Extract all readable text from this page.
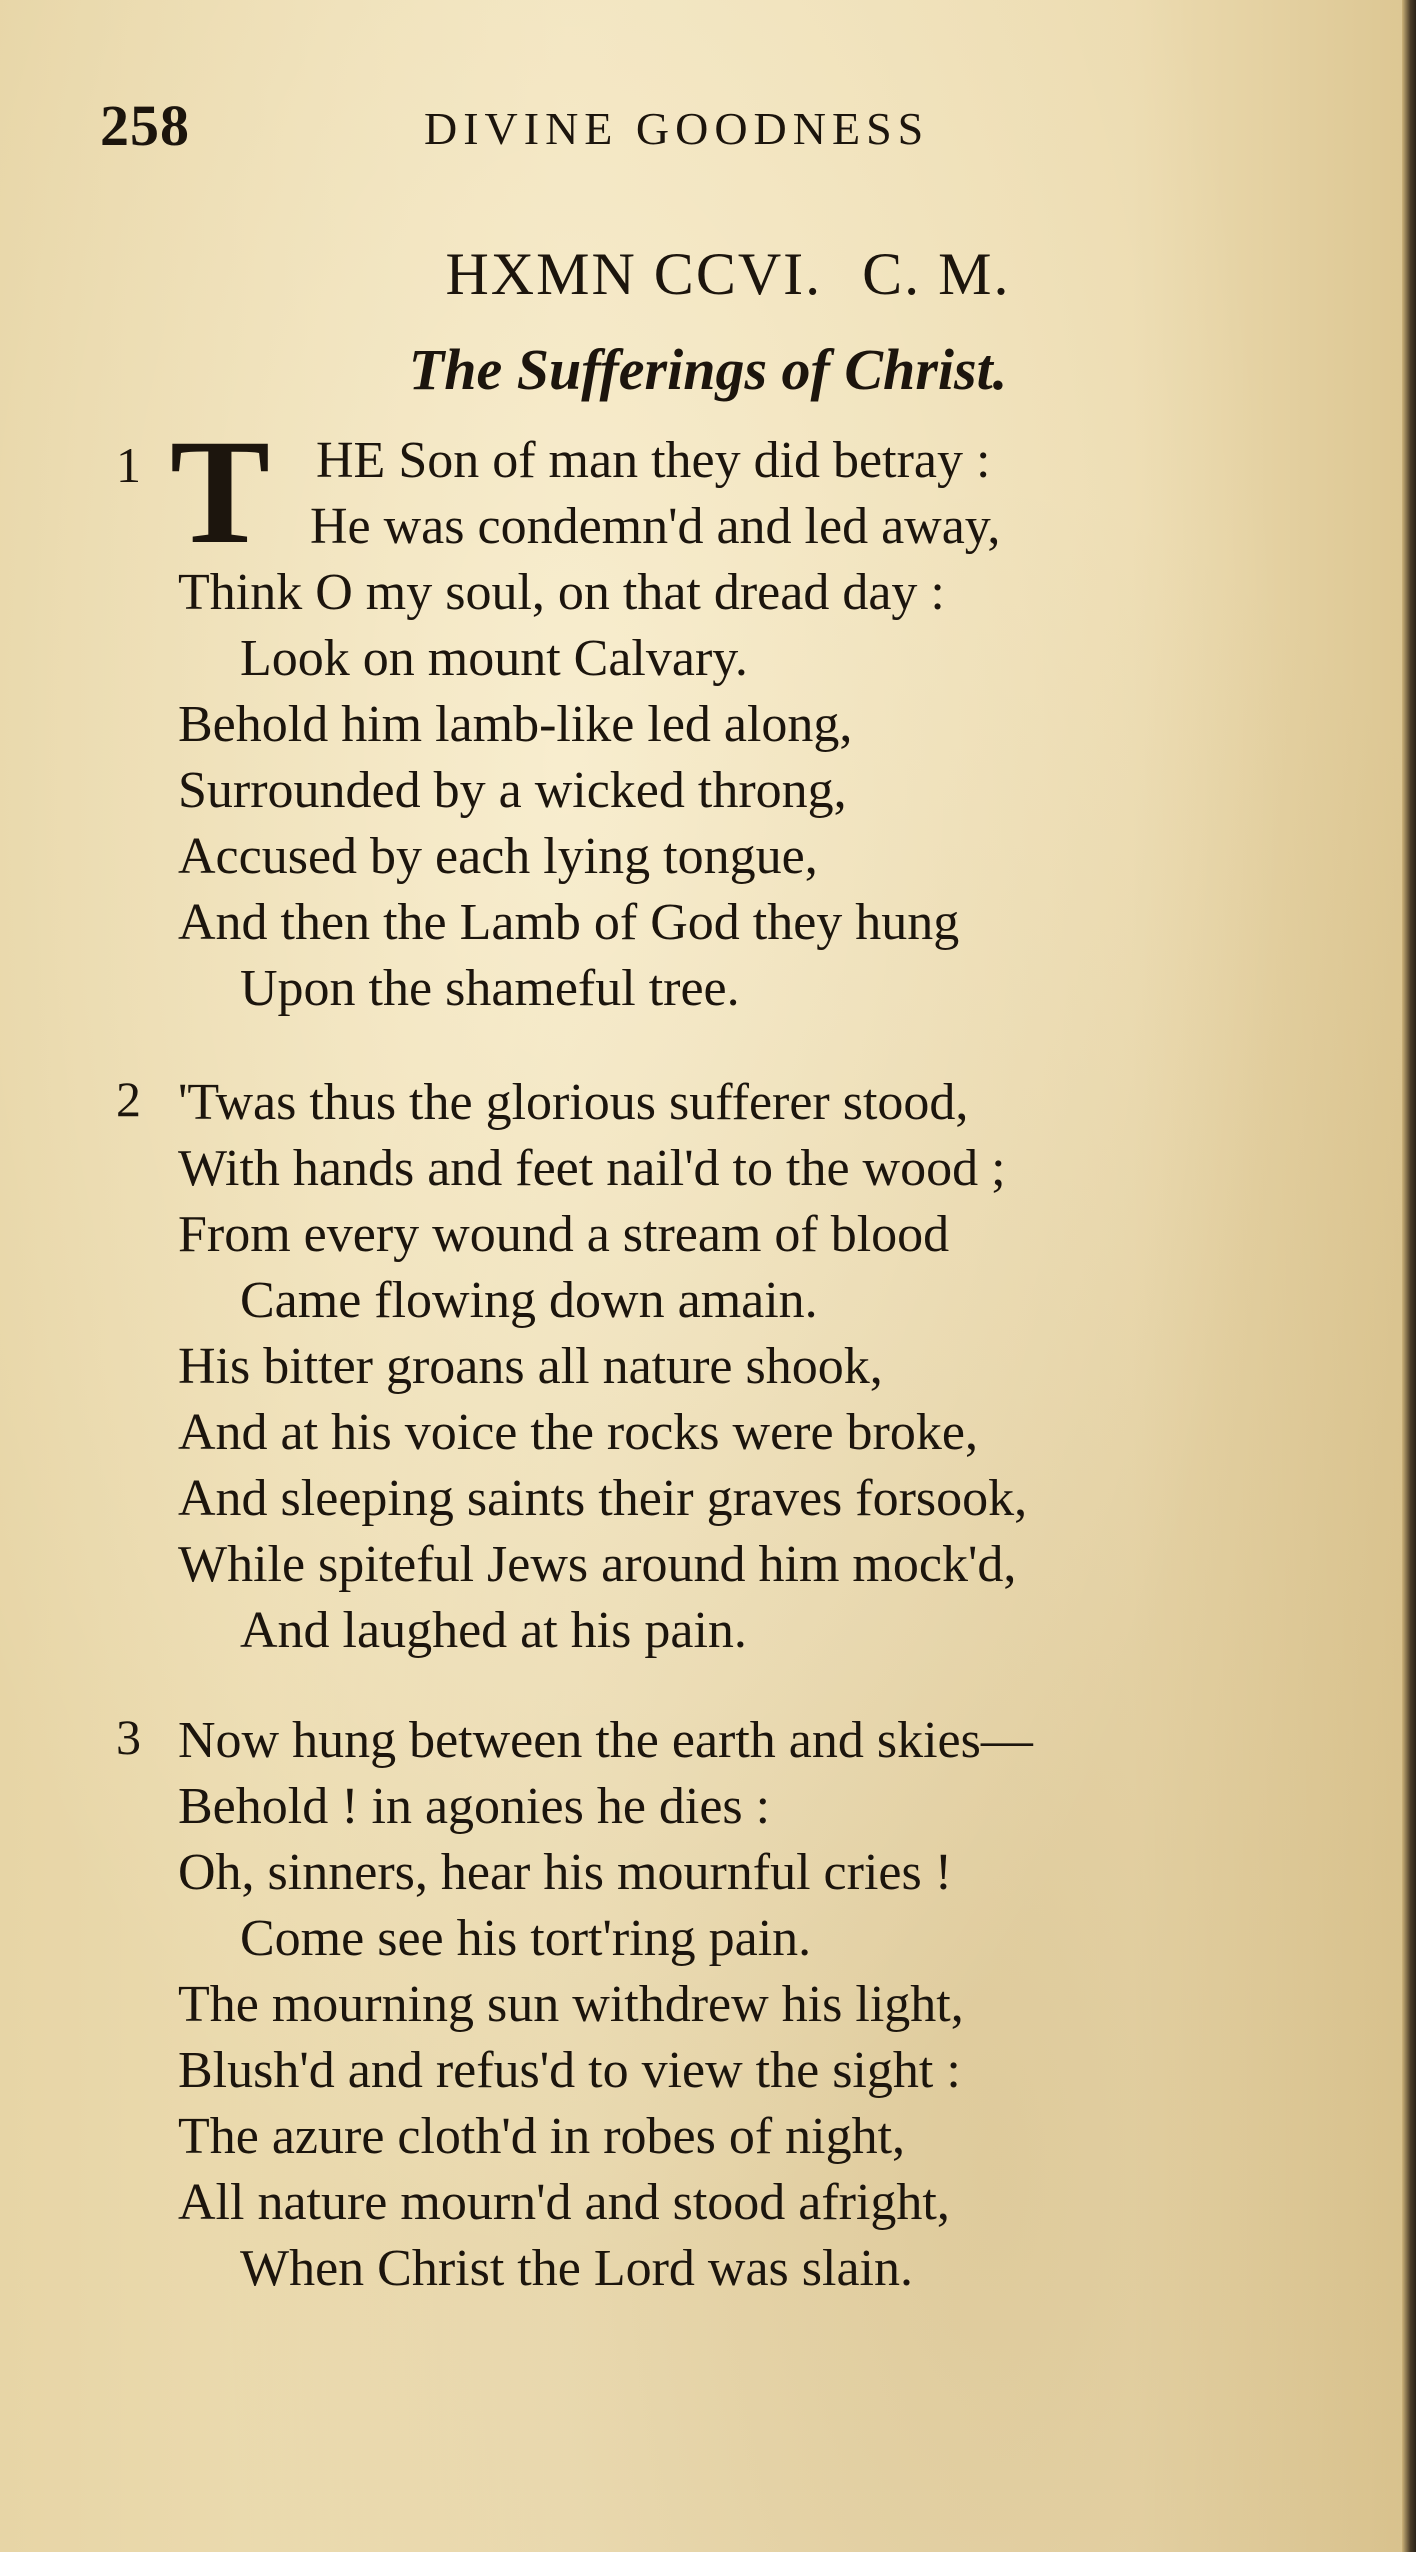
258	DIVINE GOODNESS
HXMN CCVI. C. M.
The Sufferings of Christ.
1 T HE Son of man they did betray :
He was condemn'd and led away,
Think O my soul, on that dread day :
Look on mount Calvary.
Behold him lamb-like led along,
Surrounded by a wicked throng,
Accused by each lying tongue,
And then the Lamb of God they hung
Upon the shameful tree.
2 'Twas thus the glorious sufferer stood,
With hands and feet nail'd to the wood ;
From every wound a stream of blood
Came flowing down amain.
His bitter groans all nature shook,
And at his voice the rocks were broke,
And sleeping saints their graves forsook,
While spiteful Jews around him mock'd,
And laughed at his pain.
3 Now hung between the earth and skies—
Behold ! in agonies he dies :
Oh, sinners, hear his mournful cries !
Come see his tort'ring pain.
The mourning sun withdrew his light,
Blush'd and refus'd to view the sight :
The azure cloth'd in robes of night,
All nature mourn'd and stood afright,
When Christ the Lord was slain.
